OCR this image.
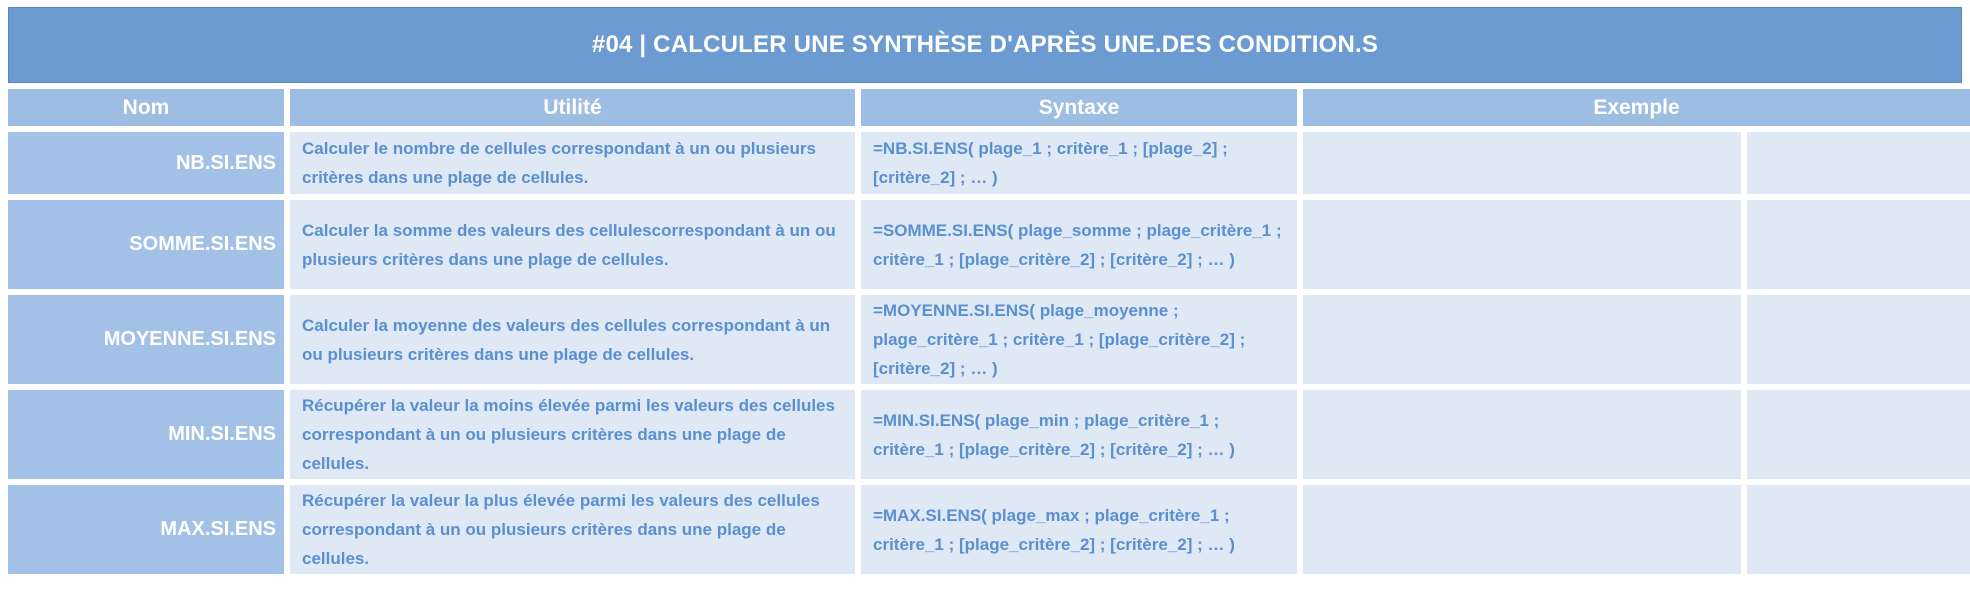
#04 | CALCULER UNE SYNTHÈSE D'APRÈS UNE.DES CONDITION.S
Nom	Utilité	Syntaxe	Exemple	
NB.SI.ENS	Calculer le nombre de cellules correspondant à un ou plusieurs critères dans une plage de cellules.	=NB.SI.ENS( plage_1 ; critère_1 ; [plage_2] ; [critère_2] ; … )		
SOMME.SI.ENS	Calculer la somme des valeurs des cellulescorrespondant à un ou plusieurs critères dans une plage de cellules.	=SOMME.SI.ENS( plage_somme ; plage_critère_1 ; critère_1 ; [plage_critère_2] ; [critère_2] ; … )		
MOYENNE.SI.ENS	Calculer la moyenne des valeurs des cellules correspondant à un ou plusieurs critères dans une plage de cellules.	=MOYENNE.SI.ENS( plage_moyenne ; plage_critère_1 ; critère_1 ; [plage_critère_2] ; [critère_2] ; … )		
MIN.SI.ENS	Récupérer la valeur la moins élevée parmi les valeurs des cellules correspondant à un ou plusieurs critères dans une plage de cellules.	=MIN.SI.ENS( plage_min ; plage_critère_1 ; critère_1 ; [plage_critère_2] ; [critère_2] ; … )		
MAX.SI.ENS	Récupérer la valeur la plus élevée parmi les valeurs des cellules correspondant à un ou plusieurs critères dans une plage de cellules.	=MAX.SI.ENS( plage_max ; plage_critère_1 ; critère_1 ; [plage_critère_2] ; [critère_2] ; … )		
